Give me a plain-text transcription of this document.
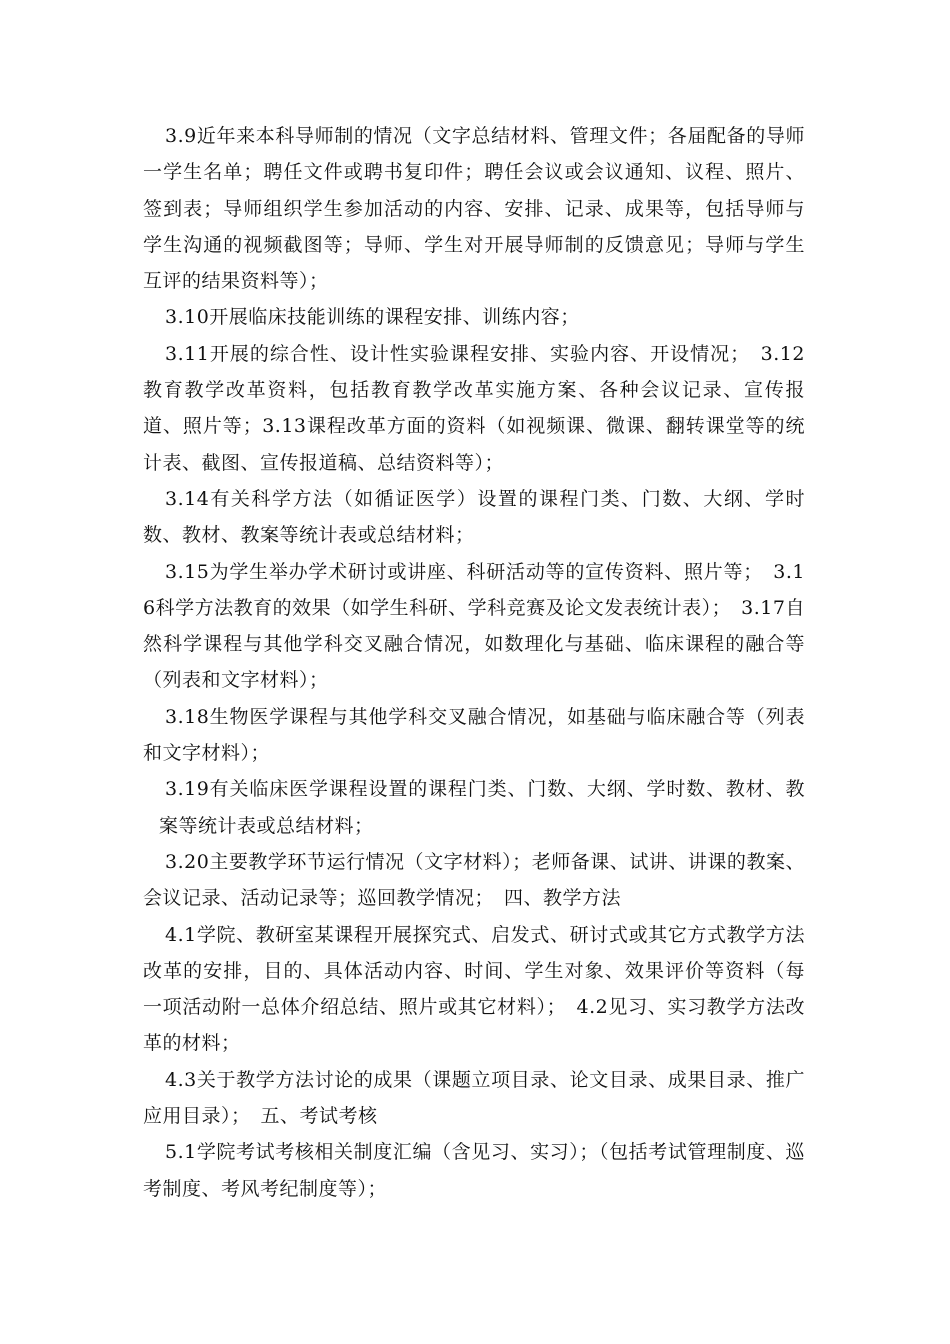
3.9近年来本科导师制的情况（文字总结材料、管理文件；各届配备的导师一学生名单；聘任文件或聘书复印件；聘任会议或会议通知、议程、照片、签到表；导师组织学生参加活动的内容、安排、记录、成果等，包括导师与学生沟通的视频截图等；导师、学生对开展导师制的反馈意见；导师与学生互评的结果资料等）；

3.10开展临床技能训练的课程安排、训练内容；

3.11开展的综合性、设计性实验课程安排、实验内容、开设情况；　3.12教育教学改革资料，包括教育教学改革实施方案、各种会议记录、宣传报道、照片等；3.13课程改革方面的资料（如视频课、微课、翻转课堂等的统计表、截图、宣传报道稿、总结资料等）；

3.14有关科学方法（如循证医学）设置的课程门类、门数、大纲、学时数、教材、教案等统计表或总结材料；

3.15为学生举办学术研讨或讲座、科研活动等的宣传资料、照片等；　3.16科学方法教育的效果（如学生科研、学科竞赛及论文发表统计表）；　3.17自然科学课程与其他学科交叉融合情况，如数理化与基础、临床课程的融合等（列表和文字材料）；

3.18生物医学课程与其他学科交叉融合情况，如基础与临床融合等（列表和文字材料）；

3.19有关临床医学课程设置的课程门类、门数、大纲、学时数、教材、教案等统计表或总结材料；

3.20主要教学环节运行情况（文字材料）；老师备课、试讲、讲课的教案、会议记录、活动记录等；巡回教学情况；　四、教学方法

4.1学院、教研室某课程开展探究式、启发式、研讨式或其它方式教学方法改革的安排，目的、具体活动内容、时间、学生对象、效果评价等资料（每一项活动附一总体介绍总结、照片或其它材料）；　4.2见习、实习教学方法改革的材料；

4.3关于教学方法讨论的成果（课题立项目录、论文目录、成果目录、推广应用目录）；　五、考试考核

5.1学院考试考核相关制度汇编（含见习、实习）；（包括考试管理制度、巡考制度、考风考纪制度等）；
